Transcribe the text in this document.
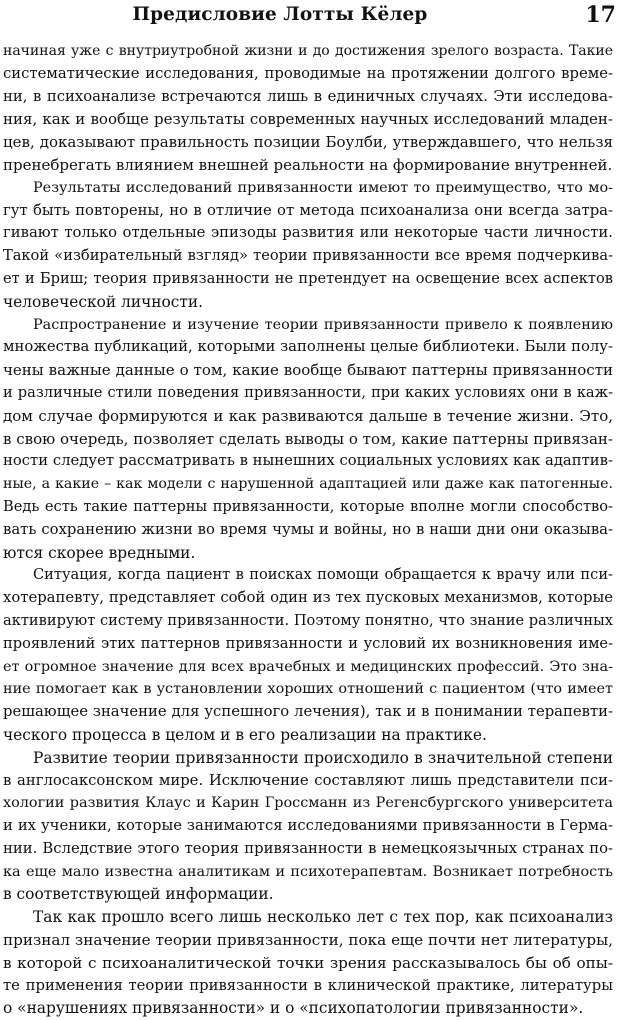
Предисловие Лотты Кёлер	17
начиная уже с внутриутробной жизни и до достижения зрелого возраста. Такие
систематические исследования, проводимые на протяжении долгого време-
ни, в психоанализе встречаются лишь в единичных случаях. Эти исследова-
ния, как и вообще результаты современных научных исследований младен-
цев, доказывают правильность позиции Боулби, утверждавшего, что нельзя
пренебрегать влиянием внешней реальности на формирование внутренней.
Результаты исследований привязанности имеют то преимущество, что мо-
гут быть повторены, но в отличие от метода психоанализа они всегда затра-
гивают только отдельные эпизоды развития или некоторые части личности.
Такой «избирательный взгляд» теории привязанности все время подчеркива-
ет и Бриш; теория привязанности не претендует на освещение всех аспектов
человеческой личности.
Распространение и изучение теории привязанности привело к появлению
множества публикаций, которыми заполнены целые библиотеки. Были полу-
чены важные данные о том, какие вообще бывают паттерны привязанности
и различные стили поведения привязанности, при каких условиях они в каж-
дом случае формируются и как развиваются дальше в течение жизни. Это,
в свою очередь, позволяет сделать выводы о том, какие паттерны привязан-
ности следует рассматривать в нынешних социальных условиях как адаптив-
ные, а какие – как модели с нарушенной адаптацией или даже как патогенные.
Ведь есть такие паттерны привязанности, которые вполне могли способство-
вать сохранению жизни во время чумы и войны, но в наши дни они оказыва-
ются скорее вредными.
Ситуация, когда пациент в поисках помощи обращается к врачу или пси-
хотерапевту, представляет собой один из тех пусковых механизмов, которые
активируют систему привязанности. Поэтому понятно, что знание различных
проявлений этих паттернов привязанности и условий их возникновения име-
ет огромное значение для всех врачебных и медицинских профессий. Это зна-
ние помогает как в установлении хороших отношений с пациентом (что имеет
решающее значение для успешного лечения), так и в понимании терапевти-
ческого процесса в целом и в его реализации на практике.
Развитие теории привязанности происходило в значительной степени
в англосаксонском мире. Исключение составляют лишь представители пси-
хологии развития Клаус и Карин Гроссманн из Регенсбургского университета
и их ученики, которые занимаются исследованиями привязанности в Герма-
нии. Вследствие этого теория привязанности в немецкоязычных странах по-
ка еще мало известна аналитикам и психотерапевтам. Возникает потребность
в соответствующей информации.
Так как прошло всего лишь несколько лет с тех пор, как психоанализ
признал значение теории привязанности, пока еще почти нет литературы,
в которой с психоаналитической точки зрения рассказывалось бы об опы-
те применения теории привязанности в клинической практике, литературы
о «нарушениях привязанности» и о «психопатологии привязанности».
